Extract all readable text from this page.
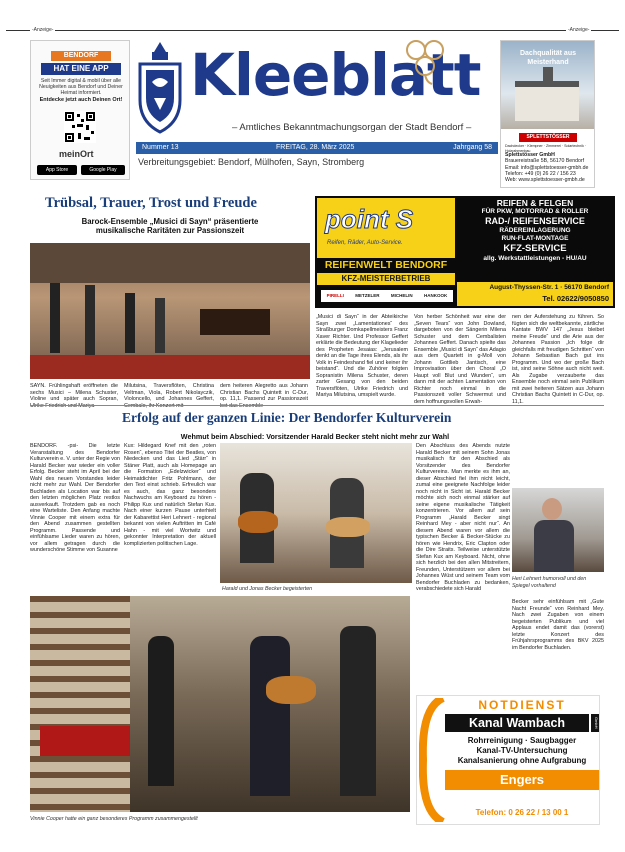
-Anzeige-	-Anzeige-
BENDORF
HAT EINE APP
Seit Immer digital & mobil über alle Neuigkeiten aus Bendorf und Deiner Heimat informiert.
Entdecke jetzt auch Deinen Ort!
meinOrt
App Store	Google Play
Kleeblatt
– Amtliches Bekanntmachungsorgan der Stadt Bendorf –
Nummer 13	FREITAG, 28. März 2025	Jahrgang 58
Verbreitungsgebiet: Bendorf, Mülhofen, Sayn, Stromberg
Dachqualität aus Meisterhand
SPLETTSTÖSSER
Dachdecker · Klempner · Zimmerei · Solartechnik · Holzrahmenbau
Splettstösser GmbH
Brauereistraße 5B, 56170 Bendorf
Email: info@splettstoesser-gmbh.de
Telefon: +49 (0) 26 22 / 156 23
Web: www.splettstoesser-gmbh.de
Trübsal, Trauer, Trost und Freude
Barock-Ensemble „Musici di Sayn“ präsentierte musikalische Raritäten zur Passionszeit
SAYN. Frühlingshaft eröffneten die sechs Musici – Milena Schuster, Violine und später auch Sopran, Ulrike Friedrich und Mariya
Milutsina, Traversflöten, Christina Veltman, Viola, Robert Nikolayczik, Violoncello, und Johannes Geffert, Cembalo, ihr Konzert mit
dem heiteren Alegretto aus Johann Christian Bachs Quintett in C-Dur, op. 11,1. Passend zur Passionszeit bot das Ensemble
point S
Reifen, Räder, Auto-Service.
REIFENWELT BENDORF
KFZ-MEISTERBETRIEB
PIRELLI	METZELER	MICHELIN	HANKOOK
REIFEN & FELGEN
FÜR PKW, MOTORRAD & ROLLER
RAD-/ REIFENSERVICE
RÄDEREINLAGERUNG
RUN-FLAT-MONTAGE
KFZ-SERVICE
allg. Werkstattleistungen - HU/AU
August-Thyssen-Str. 1 · 56170 Bendorf
Tel. 02622/9050850
„Musici di Sayn“ in der Abteikirche Sayn zwei „Lamentationes“ des Straßburger Domkapellmeisters Franz Xaver Richter. Und Professor Geffert erklärte die Bedeutung der Klagelieder des Propheten Jesaias: „Jerusalem denkt an die Tage ihres Elends, als ihr Volk in Feindeshand fiel und keiner ihr beistand“. Und die Zuhörer folgten Sopranistin Milena Schuster, deren zarter Gesang von den beiden Traversflöten, Ulrike Friedrich und Mariya Milutsina, umspielt wurde.
Von herber Schönheit war eine der „Seven Tears“ von John Dowland, dargeboten von der Sängerin Milena Schuster und dem Cembalisten Johannes Geffert. Danach spielte das Ensemble „Musici di Sayn“ das Adagio aus dem Quartett in g-Moll von Johann Gottlieb Jantisch, eine Improvisation über den Choral „O Haupt voll Blut und Wunden“, um dann mit der achten Lamentation von Richter noch einmal in die Passionszeit voller Schwermut und dem hoffnungsvollen Erwah-
nen der Auferstehung zu führen. So fügten sich die weltbekannte, zärtliche Kantate BWV 147 „Jesus bleibet meine Freude“ und die Arie aus der Johannes Passion „Ich folge dir gleichfalls mit freudigen Schritten“ von Johann Sebastian Bach gut ins Programm. Und wo der große Bach ist, sind seine Söhne auch nicht weit. Als Zugabe verzauberte das Ensemble noch einmal sein Publikum mit zwei heiteren Sätzen aus Johann Christian Bachs Quintett in C-Dur, op. 11,1.
Erfolg auf der ganzen Linie: Der Bendorfer Kulturverein
Wehmut beim Abschied: Vorsitzender Harald Becker steht nicht mehr zur Wahl
BENDORF. -psi- Die letzte Veranstaltung des Bendorfer Kulturverein e. V. unter der Regie von Harald Becker war wieder ein voller Erfolg. Becker steht im April bei der Wahl des neuen Vorstandes leider nicht mehr zur Wahl. Der Bendorfer Buchladen als Location war bis auf den letzten möglichen Platz restlos ausverkauft. Trotzdem gab es noch eine Warteliste. Den Anfang machte Vinnie Cooper mit einem extra für den Abend zusammen gestellten Programm. Passende und einfühlsame Lieder waren zu hören, vor allem getragen durch die wunderschöne Stimme von Susanne
Kux: Hildegard Knef mit den „roten Rosen“, ebenso Titel der Beatles, von Niedecken und das Lied „Stärr“ in Stäner Platt, auch als Homepage an die Formation „Edelzwicker“ und Heimatdichter Fritz Pohlmann, der den Text einst schrieb. Erfreulich war es auch, das ganz besonders Nachwuchs am Keyboard zu hören - Philipp Kux und natürlich Stefan Kux. Nach einer kurzen Pause unterhielt der Kabarettist Heri Lehnert - regional bekannt von vielen Auftritten im Café Hahn - mit viel Wortwitz und gekonnter Interpretation der aktuell komplizierten politischen Lage.
Harald und Jonas Becker begeisterten
Den Abschluss des Abends nutzte Harald Becker mit seinem Sohn Jonas musikalisch für den Abschied als Vorsitzender des Bendorfer Kulturvereins. Man merkte es ihm an, dieser Abschied fiel ihm nicht leicht, zumal eine geeignete Nachfolge leider noch nicht in Sicht ist. Harald Becker möchte sich noch einmal stärker auf seine eigene musikalische Tätigkeit konzentrieren. Vor allem auf sein Programm „Harald Becker singt Reinhard Mey - aber nicht nur“. An diesem Abend waren vor allem die typischen Becker & Becker-Stücke zu hören wie Hendrix, Eric Clapton oder die Dire Straits. Teilweise unterstützte Stefan Kux am Keyboard. Nicht, ohne sich herzlich bei den allen Mitstreitern, Freunden, Unterstützern vor allem bei Johannes Wüst und seinem Team vom Bendorfer Buchladen zu bedanken, verabschiedete sich Harald
Heri Lehnert humorvoll und den Spiegel vorhaltend
Becker sehr einfühlsam mit „Gute Nacht Freunde“ von Reinhard Mey. Nach zwei Zugaben von einem begeisterten Publikum und viel Applaus endet damit das (vorerst) letzte Konzert des Frühjahrsprogramms des BKV 2025 im Bendorfer Buchladen.
Vinnie Cooper hatte ein ganz besonderes Programm zusammengestellt
NOTDIENST
Kanal Wambach	GmbH
Rohrreinigung · Saugbagger
Kanal-TV-Untersuchung
Kanalsanierung ohne Aufgrabung
Engers
Telefon: 0 26 22 / 13 00 1
